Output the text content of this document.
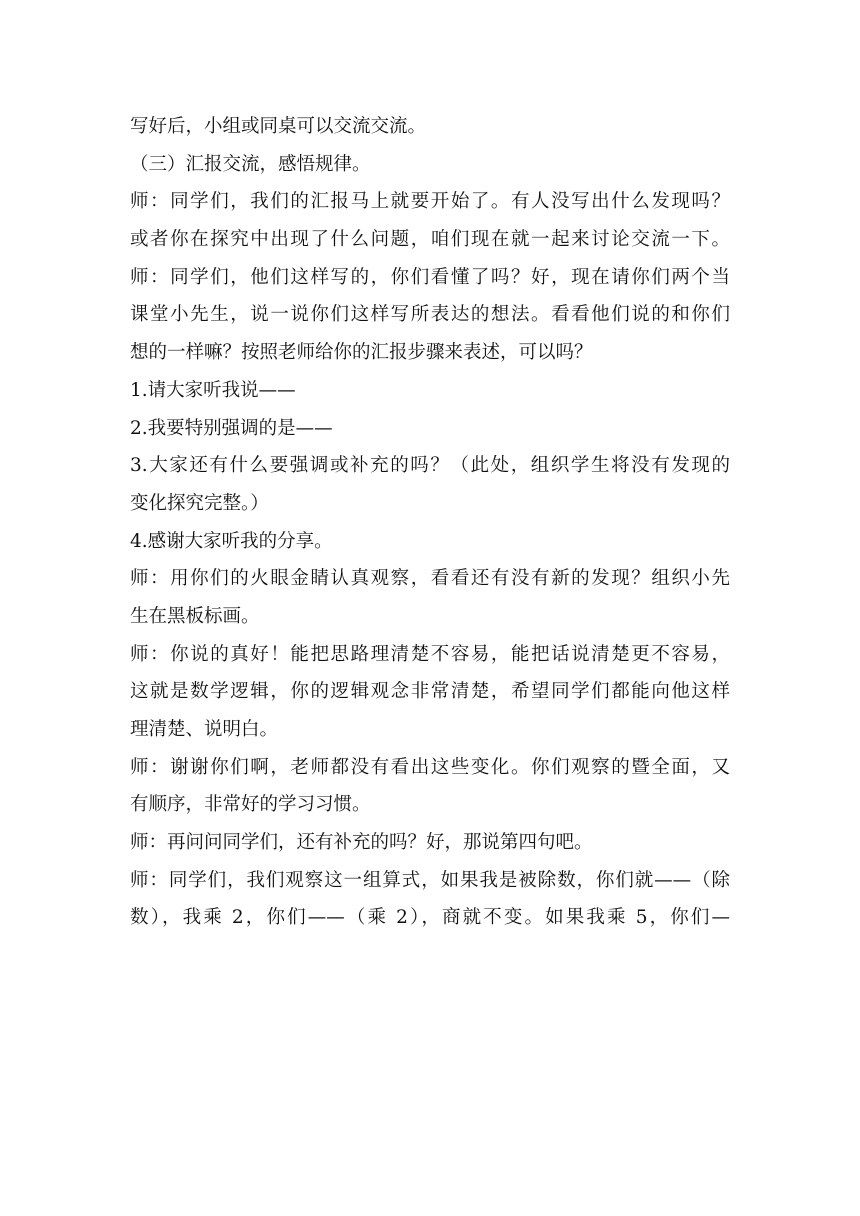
写好后，小组或同桌可以交流交流。
（三）汇报交流，感悟规律。
师：同学们，我们的汇报马上就要开始了。有人没写出什么发现吗？
或者你在探究中出现了什么问题，咱们现在就一起来讨论交流一下。
师：同学们，他们这样写的，你们看懂了吗？好，现在请你们两个当
课堂小先生，说一说你们这样写所表达的想法。看看他们说的和你们
想的一样嘛？按照老师给你的汇报步骤来表述，可以吗？
1.请大家听我说——
2.我要特别强调的是——
3.大家还有什么要强调或补充的吗？（此处，组织学生将没有发现的
变化探究完整。）
4.感谢大家听我的分享。
师：用你们的火眼金睛认真观察，看看还有没有新的发现？组织小先
生在黑板标画。
师：你说的真好！能把思路理清楚不容易，能把话说清楚更不容易，
这就是数学逻辑，你的逻辑观念非常清楚，希望同学们都能向他这样
理清楚、说明白。
师：谢谢你们啊，老师都没有看出这些变化。你们观察的暨全面，又
有顺序，非常好的学习习惯。
师：再问问同学们，还有补充的吗？好，那说第四句吧。
师：同学们，我们观察这一组算式，如果我是被除数，你们就——（除
数），我乘 2，你们——（乘 2），商就不变。如果我乘 5，你们—
